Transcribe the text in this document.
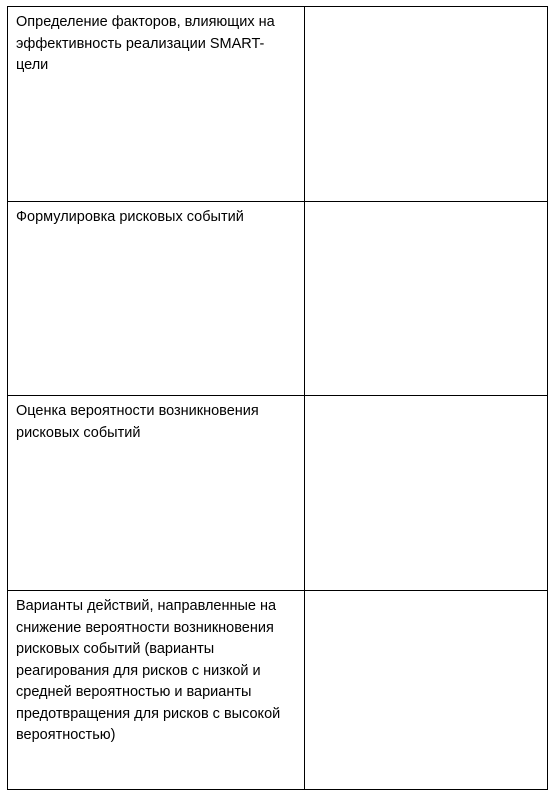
Определение факторов, влияющих на эффективность реализации SMART-цели	

Формулировка рисковых событий	

Оценка вероятности возникновения рисковых событий	

Варианты действий, направленные на снижение вероятности возникновения рисковых событий (варианты реагирования для рисков с низкой и средней вероятностью и варианты предотвращения для рисков с высокой вероятностью)	
